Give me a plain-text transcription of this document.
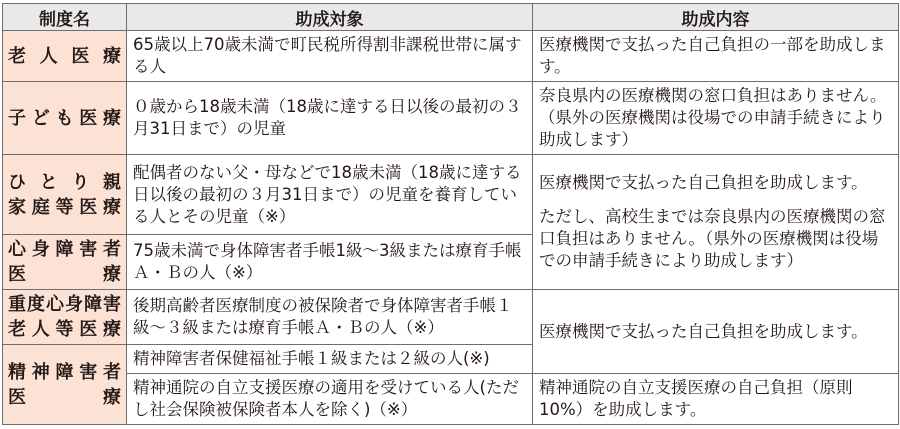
制度名	助成対象	助成内容

老 人 医 療	65歳以上70歳未満で町民税所得割非課税世帯に属する人	医療機関で支払った自己負担の一部を助成します。

子ども医療	０歳から18歳未満（18歳に達する日以後の最初の３月31日まで）の児童	奈良県内の医療機関の窓口負担はありません。（県外の医療機関は役場での申請手続きにより助成します）

ひ と り 親
家庭等医療	配偶者のない父・母などで18歳未満（18歳に達する日以後の最初の３月31日まで）の児童を養育している人とその児童（※）	医療機関で支払った自己負担を助成します。
ただし、高校生までは奈良県内の医療機関の窓口負担はありません。（県外の医療機関は役場での申請手続きにより助成します）

心身障害者
医　　　療	75歳未満で身体障害者手帳1級～3級または療育手帳Ａ・Ｂの人（※）	

重度心身障害
老人等医療	後期高齢者医療制度の被保険者で身体障害者手帳１級～３級または療育手帳Ａ・Ｂの人（※）	医療機関で支払った自己負担を助成します。

精神障害者
医　　　療	精神障害者保健福祉手帳１級または２級の人(※)	
	精神通院の自立支援医療の適用を受けている人(ただし社会保険被保険者本人を除く)（※）	精神通院の自立支援医療の自己負担（原則10%）を助成します。
